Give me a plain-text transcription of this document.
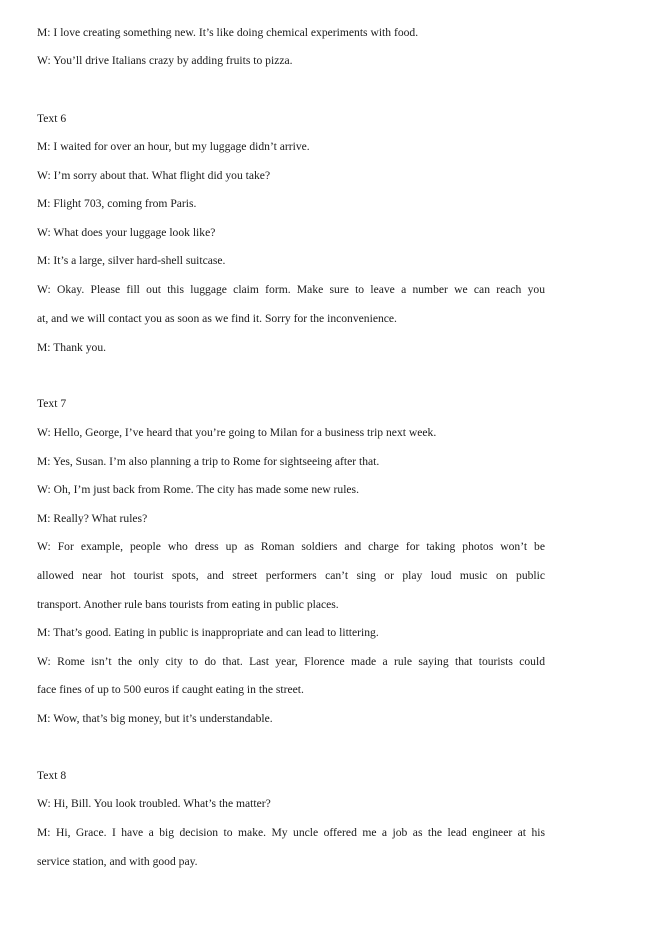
M: I love creating something new. It’s like doing chemical experiments with food.
W: You’ll drive Italians crazy by adding fruits to pizza.
Text 6
M: I waited for over an hour, but my luggage didn’t arrive.
W: I’m sorry about that. What flight did you take?
M: Flight 703, coming from Paris.
W: What does your luggage look like?
M: It’s a large, silver hard-shell suitcase.
W: Okay. Please fill out this luggage claim form. Make sure to leave a number we can reach you
at, and we will contact you as soon as we find it. Sorry for the inconvenience.
M: Thank you.
Text 7
W: Hello, George, I’ve heard that you’re going to Milan for a business trip next week.
M: Yes, Susan. I’m also planning a trip to Rome for sightseeing after that.
W: Oh, I’m just back from Rome. The city has made some new rules.
M: Really? What rules?
W: For example, people who dress up as Roman soldiers and charge for taking photos won’t be
allowed near hot tourist spots, and street performers can’t sing or play loud music on public
transport. Another rule bans tourists from eating in public places.
M: That’s good. Eating in public is inappropriate and can lead to littering.
W: Rome isn’t the only city to do that. Last year, Florence made a rule saying that tourists could
face fines of up to 500 euros if caught eating in the street.
M: Wow, that’s big money, but it’s understandable.
Text 8
W: Hi, Bill. You look troubled. What’s the matter?
M: Hi, Grace. I have a big decision to make. My uncle offered me a job as the lead engineer at his
service station, and with good pay.
